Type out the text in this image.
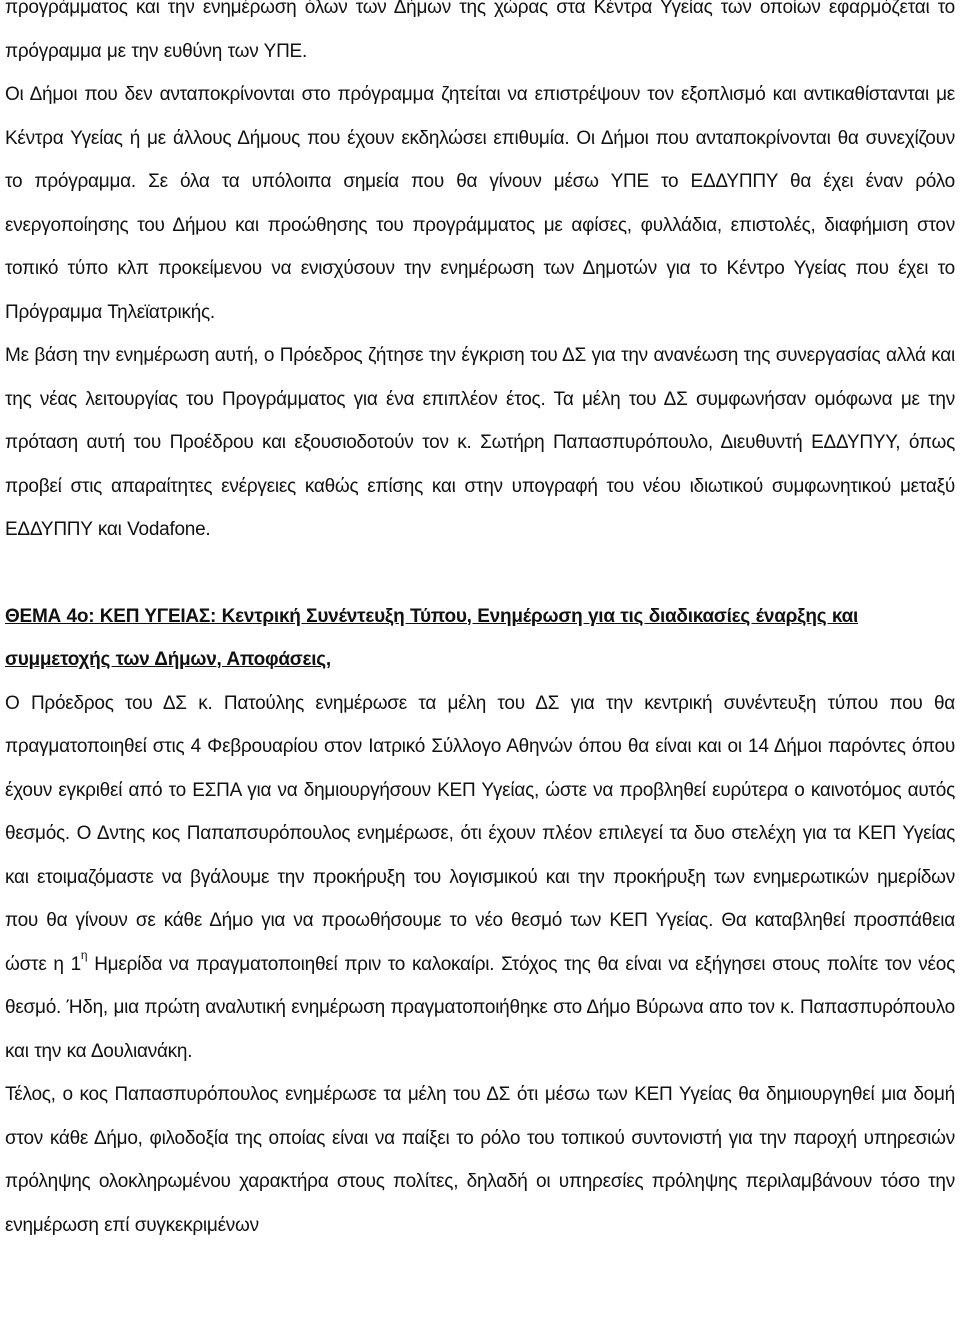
προγράμματος και την ενημέρωση όλων των Δήμων της χώρας στα Κέντρα Υγείας των οποίων εφαρμόζεται το πρόγραμμα με την ευθύνη των ΥΠΕ.

Οι Δήμοι που δεν ανταποκρίνονται στο πρόγραμμα ζητείται να επιστρέψουν τον εξοπλισμό και αντικαθίστανται με Κέντρα Υγείας ή με άλλους Δήμους που έχουν εκδηλώσει επιθυμία. Οι Δήμοι που ανταποκρίνονται θα συνεχίζουν το πρόγραμμα. Σε όλα τα υπόλοιπα σημεία που θα γίνουν μέσω ΥΠΕ το ΕΔΔΥΠΠΥ θα έχει έναν ρόλο ενεργοποίησης του Δήμου και προώθησης του προγράμματος με αφίσες, φυλλάδια, επιστολές, διαφήμιση στον τοπικό τύπο κλπ προκείμενου να ενισχύσουν την ενημέρωση των Δημοτών για το Κέντρο Υγείας που έχει το Πρόγραμμα Τηλεϊατρικής.

Με βάση την ενημέρωση αυτή, ο Πρόεδρος ζήτησε την έγκριση του ΔΣ για την ανανέωση της συνεργασίας αλλά και της νέας λειτουργίας του Προγράμματος για ένα επιπλέον έτος. Τα μέλη του ΔΣ συμφωνήσαν ομόφωνα με την πρόταση αυτή του Προέδρου και εξουσιοδοτούν τον κ. Σωτήρη Παπασπυρόπουλο, Διευθυντή ΕΔΔΥΠΥΥ, όπως προβεί στις απαραίτητες ενέργειες καθώς επίσης και στην υπογραφή του νέου ιδιωτικού συμφωνητικού μεταξύ ΕΔΔΥΠΠΥ και Vodafone.

ΘΕΜΑ 4ο: ΚΕΠ ΥΓΕΙΑΣ: Κεντρική Συνέντευξη Τύπου, Ενημέρωση για τις διαδικασίες έναρξης και συμμετοχής των Δήμων, Αποφάσεις,

Ο Πρόεδρος του ΔΣ κ. Πατούλης ενημέρωσε τα μέλη του ΔΣ για την κεντρική συνέντευξη τύπου που θα πραγματοποιηθεί στις 4 Φεβρουαρίου στον Ιατρικό Σύλλογο Αθηνών όπου θα είναι και οι 14 Δήμοι παρόντες όπου έχουν εγκριθεί από το ΕΣΠΑ για να δημιουργήσουν ΚΕΠ Υγείας, ώστε να προβληθεί ευρύτερα ο καινοτόμος αυτός θεσμός. Ο Δντης κος Παπαπσυρόπουλος ενημέρωσε, ότι έχουν πλέον επιλεγεί τα δυο στελέχη για τα ΚΕΠ Υγείας και ετοιμαζόμαστε να βγάλουμε την προκήρυξη του λογισμικού και την προκήρυξη των ενημερωτικών ημερίδων που θα γίνουν σε κάθε Δήμο για να προωθήσουμε το νέο θεσμό των ΚΕΠ Υγείας. Θα καταβληθεί προσπάθεια ώστε η $1^\eta$ Ημερίδα να πραγματοποιηθεί πριν το καλοκαίρι. Στόχος της θα είναι να εξήγησει στους πολίτε τον νέος θεσμό. Ήδη, μια πρώτη αναλυτική ενημέρωση πραγματοποιήθηκε στο Δήμο Βύρωνα απο τον κ. Παπασπυρόπουλο και την κα Δουλιανάκη.

Τέλος, ο κος Παπασπυρόπουλος ενημέρωσε τα μέλη του ΔΣ ότι μέσω των ΚΕΠ Υγείας θα δημιουργηθεί μια δομή στον κάθε Δήμο, φιλοδοξία της οποίας είναι να παίξει το ρόλο του τοπικού συντονιστή για την παροχή υπηρεσιών πρόληψης ολοκληρωμένου χαρακτήρα στους πολίτες, δηλαδή οι υπηρεσίες πρόληψης περιλαμβάνουν τόσο την ενημέρωση επί συγκεκριμένων
